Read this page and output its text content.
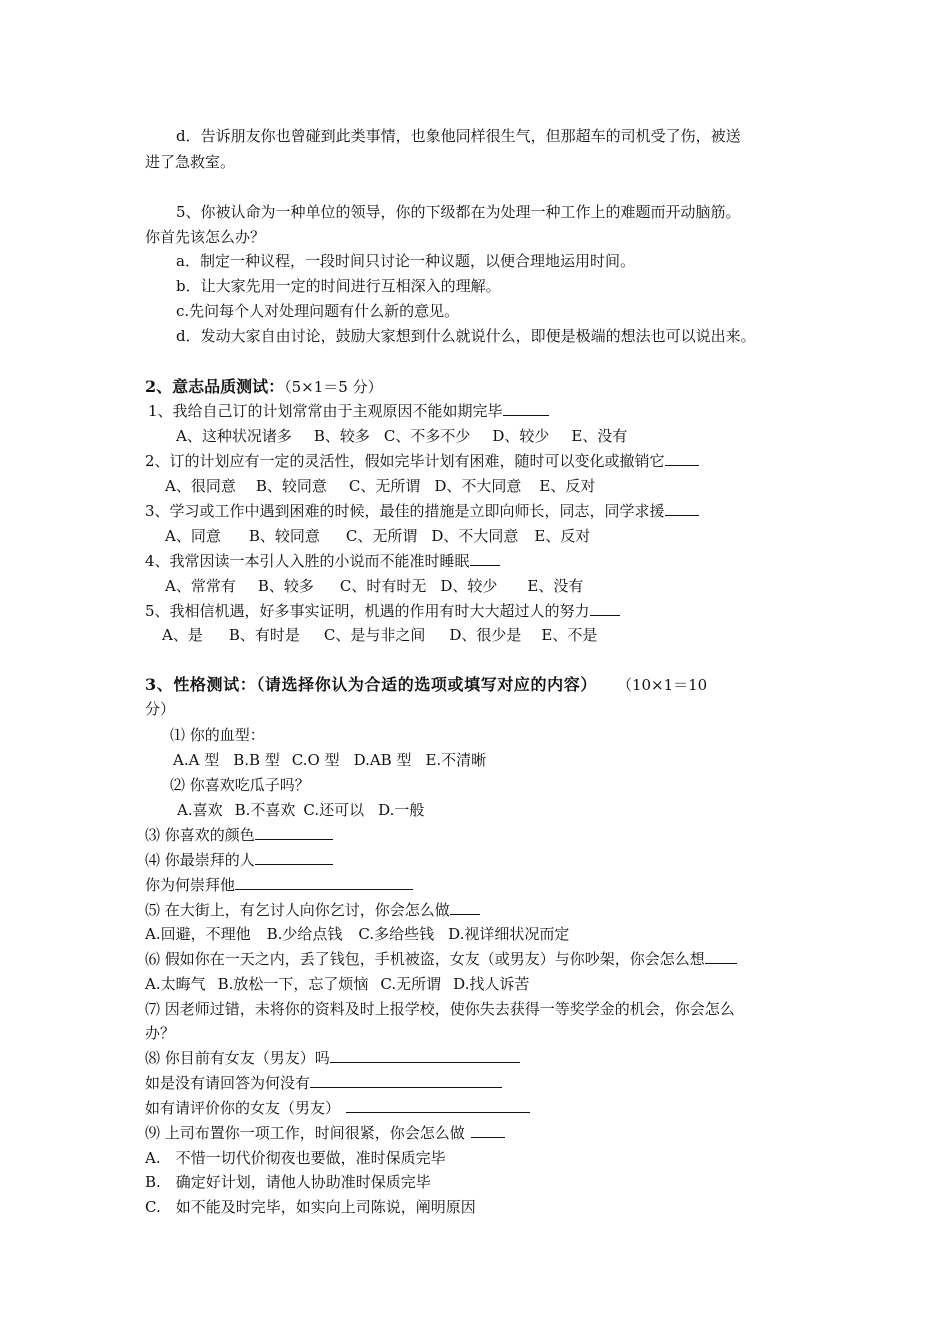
d．告诉朋友你也曾碰到此类事情，也象他同样很生气，但那超车的司机受了伤，被送
进了急救室。
5、你被认命为一种单位的领导，你的下级都在为处理一种工作上的难题而开动脑筋。
你首先该怎么办？
a．制定一种议程，一段时间只讨论一种议题，以便合理地运用时间。
b．让大家先用一定的时间进行互相深入的理解。
c.先问每个人对处理问题有什么新的意见。
d．发动大家自由讨论，鼓励大家想到什么就说什么，即便是极端的想法也可以说出来。
2、意志品质测试：（5×1＝5 分）
1、我给自己订的计划常常由于主观原因不能如期完毕
A、这种状况诸多 B、较多 C、不多不少 D、较少 E、没有
2、订的计划应有一定的灵活性，假如完毕计划有困难，随时可以变化或撤销它
A、很同意 B、较同意 C、无所谓 D、不大同意 E、反对
3、学习或工作中遇到困难的时候，最佳的措施是立即向师长，同志，同学求援
A、同意 B、较同意 C、无所谓 D、不大同意 E、反对
4、我常因读一本引人入胜的小说而不能准时睡眠
A、常常有 B、较多 C、时有时无 D、较少 E、没有
5、我相信机遇，好多事实证明，机遇的作用有时大大超过人的努力
A、是 B、有时是 C、是与非之间 D、很少是 E、不是
3、性格测试：（请选择你认为合适的选项或填写对应的内容） （10×1＝10
分）
⑴ 你的血型：
A.A 型 B.B 型 C.O 型 D.AB 型 E.不清晰
⑵ 你喜欢吃瓜子吗？
A.喜欢 B.不喜欢 C.还可以 D.一般
⑶ 你喜欢的颜色
⑷ 你最崇拜的人
你为何崇拜他
⑸ 在大街上，有乞讨人向你乞讨，你会怎么做
A.回避，不理他 B.少给点钱 C.多给些钱 D.视详细状况而定
⑹ 假如你在一天之内，丢了钱包，手机被盗，女友（或男友）与你吵架，你会怎么想
A.太晦气 B.放松一下，忘了烦恼 C.无所谓 D.找人诉苦
⑺ 因老师过错，未将你的资料及时上报学校，使你失去获得一等奖学金的机会，你会怎么
办？
⑻ 你目前有女友（男友）吗
如是没有请回答为何没有
如有请评价你的女友（男友）
⑼ 上司布置你一项工作，时间很紧，你会怎么做
A.　不惜一切代价彻夜也要做，准时保质完毕
B.　确定好计划，请他人协助准时保质完毕
C.　如不能及时完毕，如实向上司陈说，阐明原因
